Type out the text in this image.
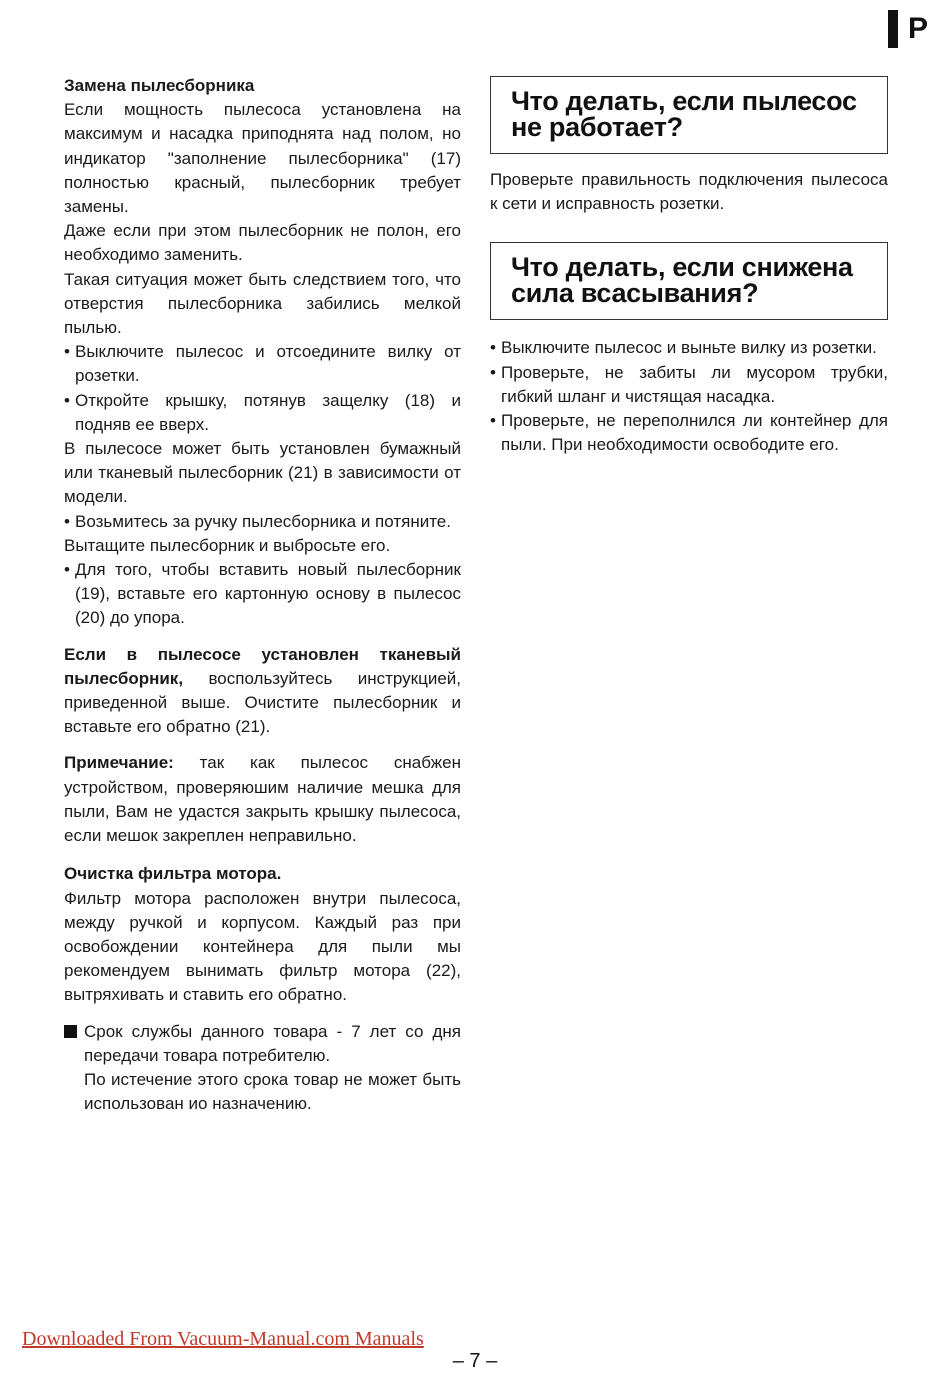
P

Замена пылесборника

Если мощность пылесоса установлена на максимум и насадка приподнята над полом, но индикатор "заполнение пылесборника" (17) полностью красный, пылесборник требует замены.

Даже если при этом пылесборник не полон, его необходимо заменить.

Такая ситуация может быть следствием того, что отверстия пылесборника забились мелкой пылью.

• Выключите пылесос и отсоедините вилку от розетки.
• Откройте крышку, потянув защелку (18) и подняв ее вверх.

В пылесосе может быть установлен бумажный или тканевый пылесборник (21) в зависимости от модели.

• Возьмитесь за ручку пылесборника и потяните.

Вытащите пылесборник и выбросьте его.

• Для того, чтобы вставить новый пылесборник (19), вставьте его картонную основу в пылесос (20) до упора.

Если в пылесосе установлен тканевый пылесборник, воспользуйтесь инструкцией, приведенной выше. Очистите пылесборник и вставьте его обратно (21).

Примечание: так как пылесос снабжен устройством, проверяюшим наличие мешка для пыли, Вам не удастся закрыть крышку пылесоса, если мешок закреплен неправильно.

Очистка фильтра мотора.

Фильтр мотора расположен внутри пылесоса, между ручкой и корпусом. Каждый раз при освобождении контейнера для пыли мы рекомендуем вынимать фильтр мотора (22), вытряхивать и ставить его обратно.

Срок службы данного товара - 7 лет со дня передачи товара потребителю.

По истечение этого срока товар не может быть использован ио назначению.

Что делать, если пылесос не работает?

Проверьте правильность подключения пылесоса к сети и исправность розетки.

Что делать, если снижена сила всасывания?
• Выключите пылесос и выньте вилку из розетки.
• Проверьте, не забиты ли мусором трубки, гибкий шланг и чистящая насадка.
• Проверьте, не переполнился ли контейнер для пыли. При необходимости освободите его.
Downloaded From Vacuum-Manual.com Manuals
– 7 –
